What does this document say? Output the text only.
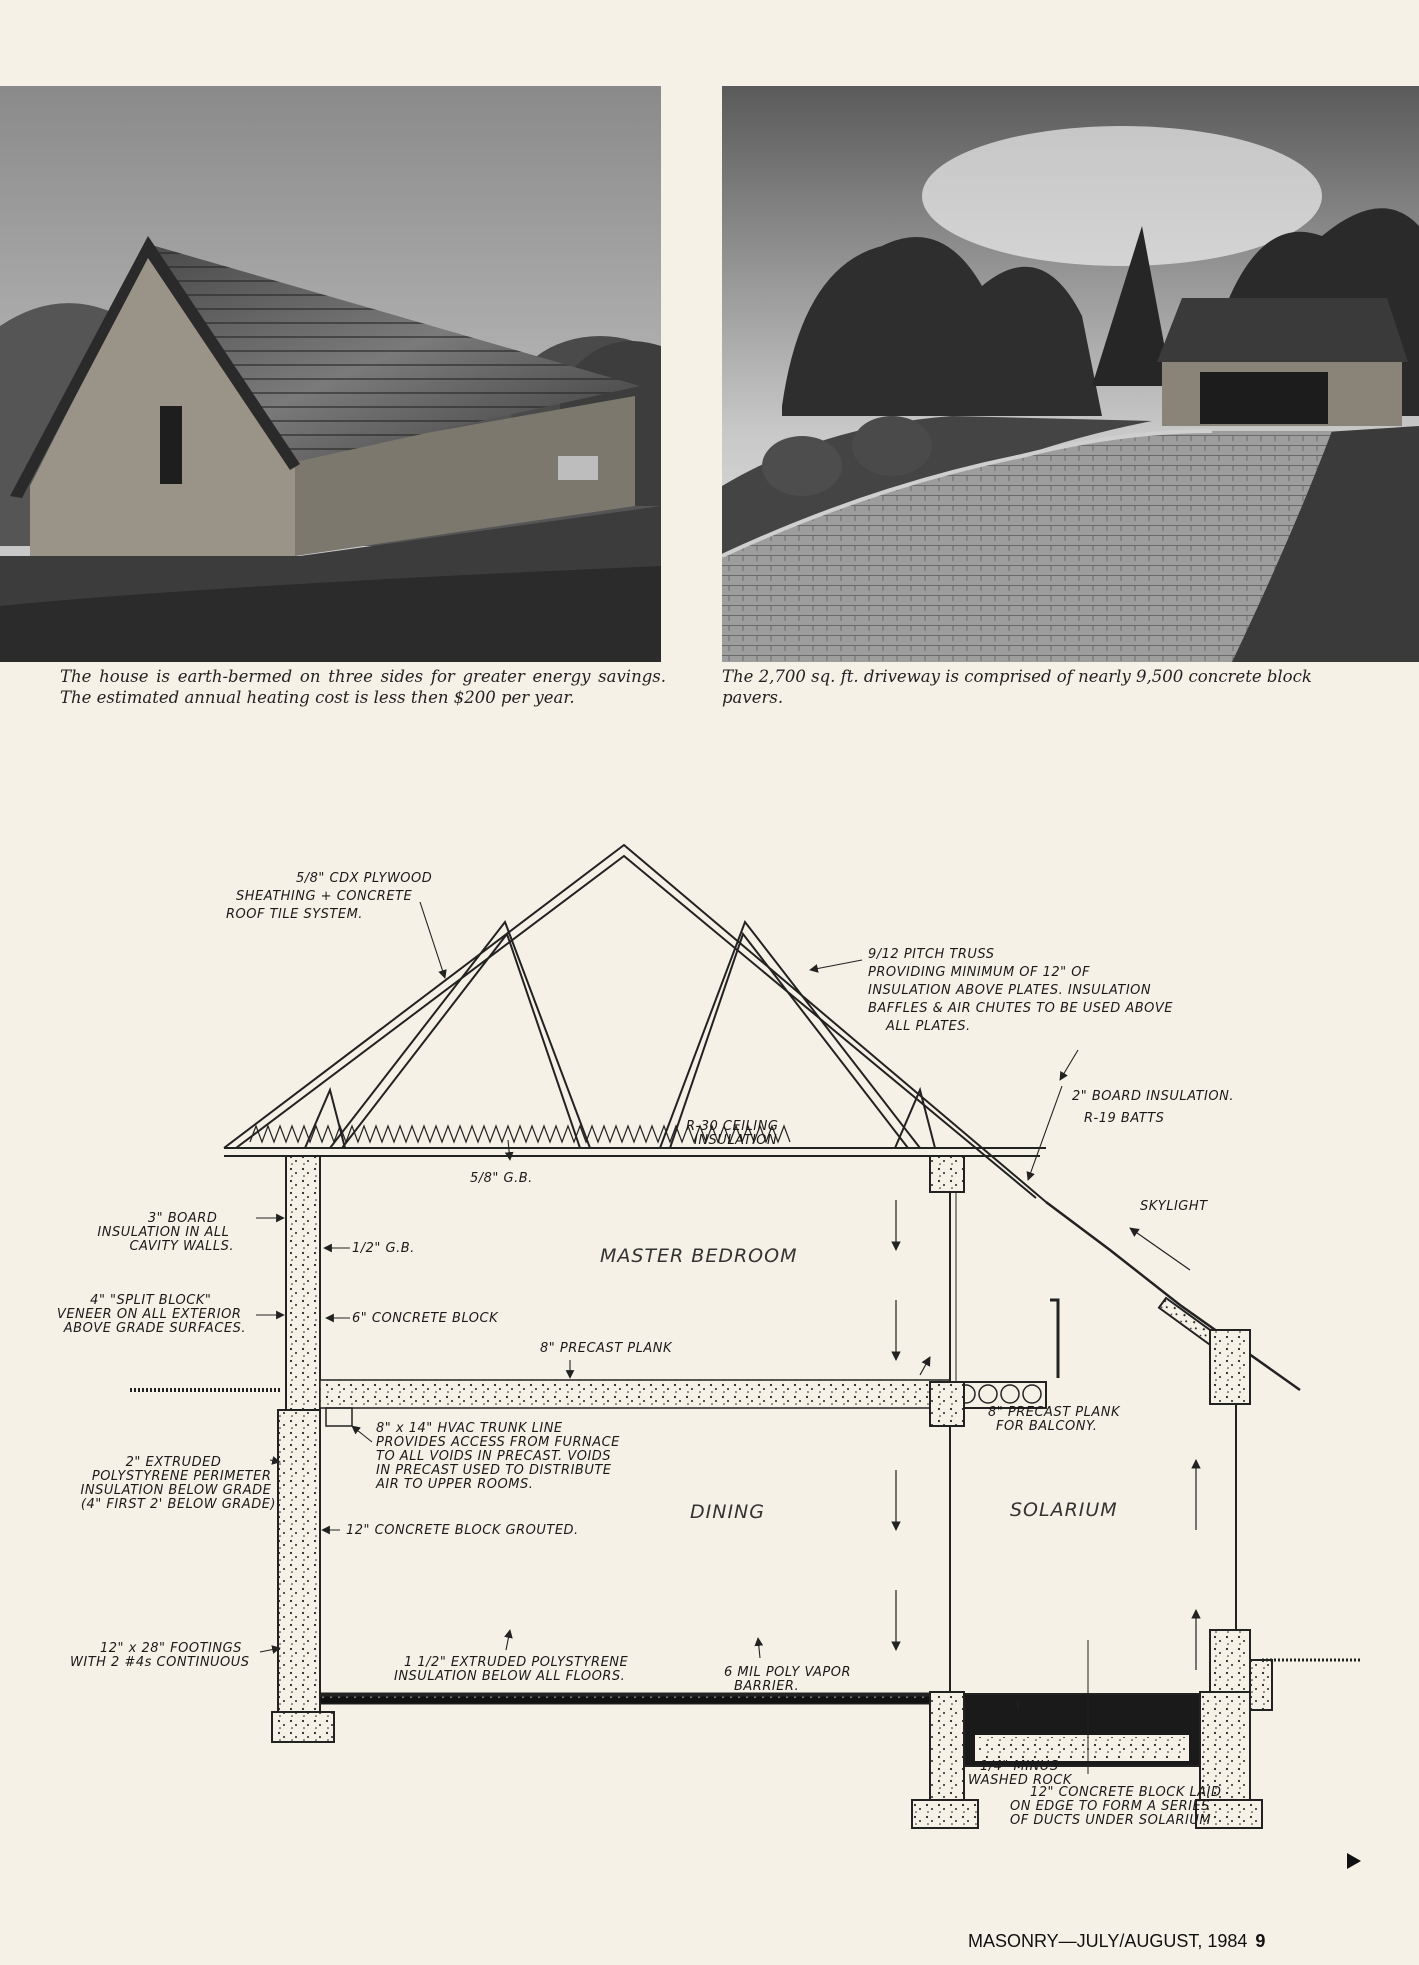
The house is earth-bermed on three sides for greater energy savings. The estimated annual heating cost is less then $200 per year.
The 2,700 sq. ft. driveway is comprised of nearly 9,500 concrete block pavers.
5/8" CDX PLYWOOD SHEATHING + CONCRETE ROOF TILE SYSTEM.
9/12 PITCH TRUSS PROVIDING MINIMUM OF 12" OF INSULATION ABOVE PLATES. INSULATION BAFFLES & AIR CHUTES TO BE USED ABOVE ALL PLATES.
R-30 CEILING INSULATION
5/8" G.B.
2" BOARD INSULATION.
R-19 BATTS
SKYLIGHT
3" BOARD INSULATION IN ALL CAVITY WALLS.	1/2" G.B.
4" "SPLIT BLOCK" VENEER ON ALL EXTERIOR ABOVE GRADE SURFACES.
6" CONCRETE BLOCK
8" PRECAST PLANK
8" x 14" HVAC TRUNK LINE PROVIDES ACCESS FROM FURNACE TO ALL VOIDS IN PRECAST. VOIDS IN PRECAST USED TO DISTRIBUTE AIR TO UPPER ROOMS.
8" PRECAST PLANK FOR BALCONY.
2" EXTRUDED POLYSTYRENE PERIMETER INSULATION BELOW GRADE (4" FIRST 2' BELOW GRADE)
12" CONCRETE BLOCK GROUTED.
12" x 28" FOOTINGS WITH 2 #4s CONTINUOUS	1 1/2" EXTRUDED POLYSTYRENE INSULATION BELOW ALL FLOORS.	6 MIL POLY VAPOR BARRIER.
1/4" MINUS WASHED ROCK
12" CONCRETE BLOCK LAID ON EDGE TO FORM A SERIES OF DUCTS UNDER SOLARIUM
MASTER BEDROOM
DINING	SOLARIUM
MASONRY—JULY/AUGUST, 1984 9
